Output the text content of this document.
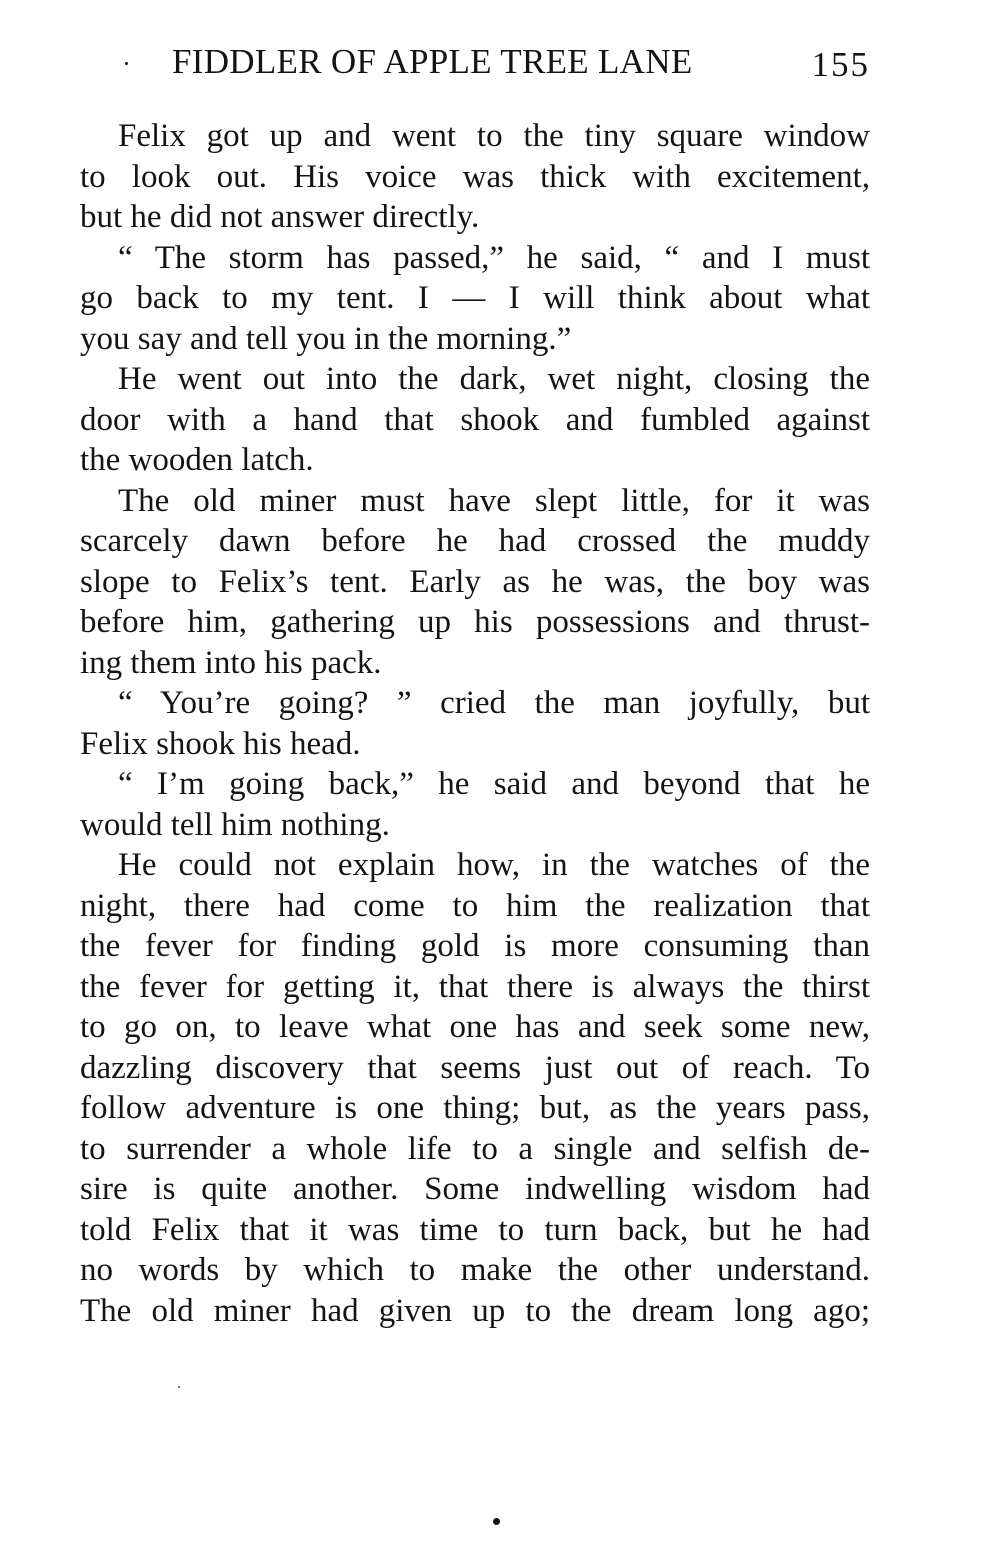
FIDDLER OF APPLE TREE LANE	155
Felix got up and went to the tiny square window
to look out. His voice was thick with excitement,
but he did not answer directly.
“ The storm has passed,” he said, “ and I must
go back to my tent. I — I will think about what
you say and tell you in the morning.”
He went out into the dark, wet night, closing the
door with a hand that shook and fumbled against
the wooden latch.
The old miner must have slept little, for it was
scarcely dawn before he had crossed the muddy
slope to Felix’s tent. Early as he was, the boy was
before him, gathering up his possessions and thrust-
ing them into his pack.
“ You’re going? ” cried the man joyfully, but
Felix shook his head.
“ I’m going back,” he said and beyond that he
would tell him nothing.
He could not explain how, in the watches of the
night, there had come to him the realization that
the fever for finding gold is more consuming than
the fever for getting it, that there is always the thirst
to go on, to leave what one has and seek some new,
dazzling discovery that seems just out of reach. To
follow adventure is one thing; but, as the years pass,
to surrender a whole life to a single and selfish de-
sire is quite another. Some indwelling wisdom had
told Felix that it was time to turn back, but he had
no words by which to make the other understand.
The old miner had given up to the dream long ago;
